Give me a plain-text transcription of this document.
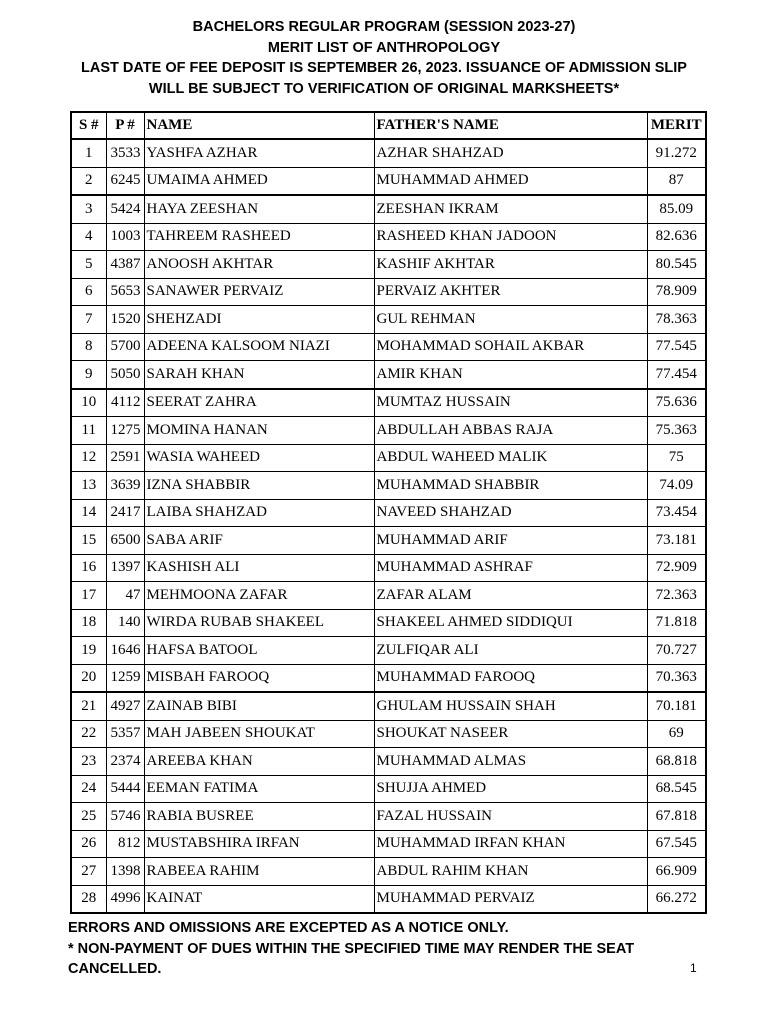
BACHELORS REGULAR PROGRAM (SESSION 2023-27)
MERIT LIST OF ANTHROPOLOGY
LAST DATE OF FEE DEPOSIT IS SEPTEMBER 26, 2023. ISSUANCE OF ADMISSION SLIP
WILL BE SUBJECT TO VERIFICATION OF ORIGINAL MARKSHEETS*
S #	P #	NAME	FATHER'S NAME	MERIT
1	3533	YASHFA AZHAR	AZHAR SHAHZAD	91.272
2	6245	UMAIMA AHMED	MUHAMMAD AHMED	87
3	5424	HAYA ZEESHAN	ZEESHAN IKRAM	85.09
4	1003	TAHREEM RASHEED	RASHEED KHAN JADOON	82.636
5	4387	ANOOSH AKHTAR	KASHIF AKHTAR	80.545
6	5653	SANAWER PERVAIZ	PERVAIZ AKHTER	78.909
7	1520	SHEHZADI	GUL REHMAN	78.363
8	5700	ADEENA KALSOOM NIAZI	MOHAMMAD SOHAIL AKBAR	77.545
9	5050	SARAH KHAN	AMIR KHAN	77.454
10	4112	SEERAT ZAHRA	MUMTAZ HUSSAIN	75.636
11	1275	MOMINA HANAN	ABDULLAH ABBAS RAJA	75.363
12	2591	WASIA WAHEED	ABDUL WAHEED MALIK	75
13	3639	IZNA SHABBIR	MUHAMMAD SHABBIR	74.09
14	2417	LAIBA SHAHZAD	NAVEED SHAHZAD	73.454
15	6500	SABA ARIF	MUHAMMAD ARIF	73.181
16	1397	KASHISH ALI	MUHAMMAD ASHRAF	72.909
17	47	MEHMOONA ZAFAR	ZAFAR ALAM	72.363
18	140	WIRDA RUBAB SHAKEEL	SHAKEEL AHMED SIDDIQUI	71.818
19	1646	HAFSA BATOOL	ZULFIQAR ALI	70.727
20	1259	MISBAH FAROOQ	MUHAMMAD FAROOQ	70.363
21	4927	ZAINAB BIBI	GHULAM HUSSAIN SHAH	70.181
22	5357	MAH JABEEN SHOUKAT	SHOUKAT NASEER	69
23	2374	AREEBA KHAN	MUHAMMAD ALMAS	68.818
24	5444	EEMAN FATIMA	SHUJJA AHMED	68.545
25	5746	RABIA BUSREE	FAZAL HUSSAIN	67.818
26	812	MUSTABSHIRA IRFAN	MUHAMMAD IRFAN KHAN	67.545
27	1398	RABEEA RAHIM	ABDUL RAHIM KHAN	66.909
28	4996	KAINAT	MUHAMMAD PERVAIZ	66.272
ERRORS AND OMISSIONS ARE EXCEPTED AS A NOTICE ONLY.
* NON-PAYMENT OF DUES WITHIN THE SPECIFIED TIME MAY RENDER THE SEAT
CANCELLED.	1
